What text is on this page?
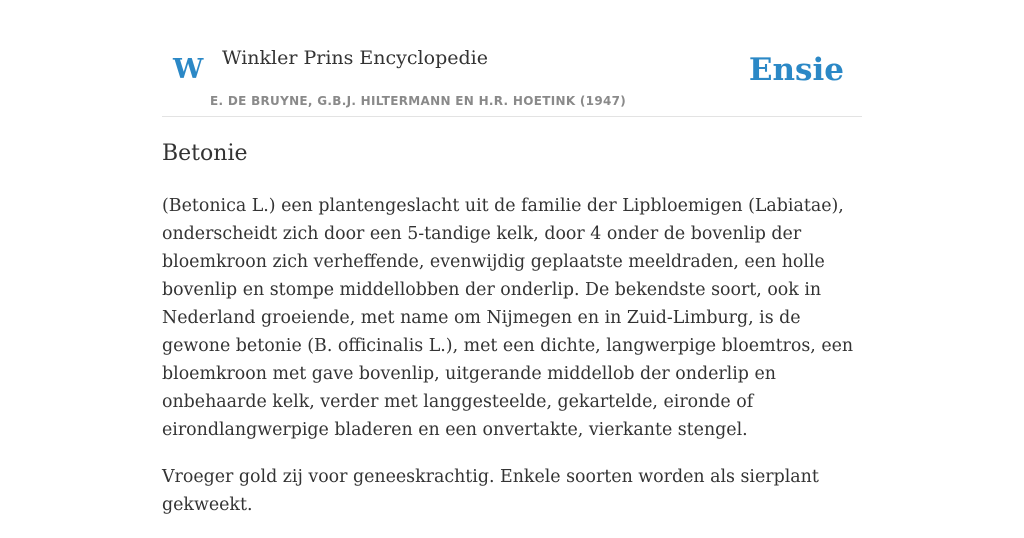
W Winkler Prins Encyclopedie
E. DE BRUYNE, G.B.J. HILTERMANN EN H.R. HOETINK (1947)
Ensie
Betonie

(Betonica L.) een plantengeslacht uit de familie der Lipbloemigen (Labiatae), onderscheidt zich door een 5-tandige kelk, door 4 onder de bovenlip der bloemkroon zich verheffende, evenwijdig geplaatste meeldraden, een holle bovenlip en stompe middellobben der onderlip. De bekendste soort, ook in Nederland groeiende, met name om Nijmegen en in Zuid-Limburg, is de gewone betonie (B. officinalis L.), met een dichte, langwerpige bloemtros, een bloemkroon met gave bovenlip, uitgerande middellob der onderlip en onbehaarde kelk, verder met langgesteelde, gekartelde, eironde of eirondlangwerpige bladeren en een onvertakte, vierkante stengel.

Vroeger gold zij voor geneeskrachtig. Enkele soorten worden als sierplant gekweekt.
